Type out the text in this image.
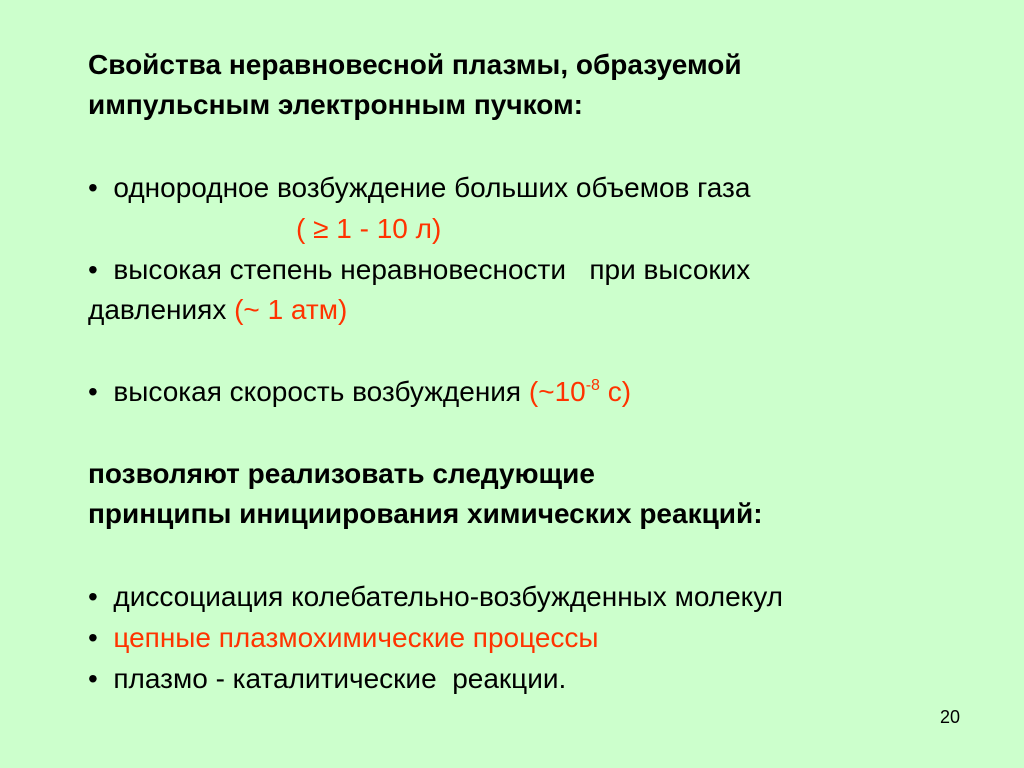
Свойства неравновесной плазмы, образуемой
импульсным электронным пучком:
• однородное возбуждение больших объемов газа
( ≥ 1 - 10 л)
• высокая степень неравновесности   при высоких
давлениях (~ 1 атм)
• высокая скорость возбуждения ($\sim 10^{-8}$ с)
позволяют реализовать следующие
принципы инициирования химических реакций:
• диссоциация колебательно-возбужденных молекул
• цепные плазмохимические процессы
• плазмо - каталитические  реакции.
20
